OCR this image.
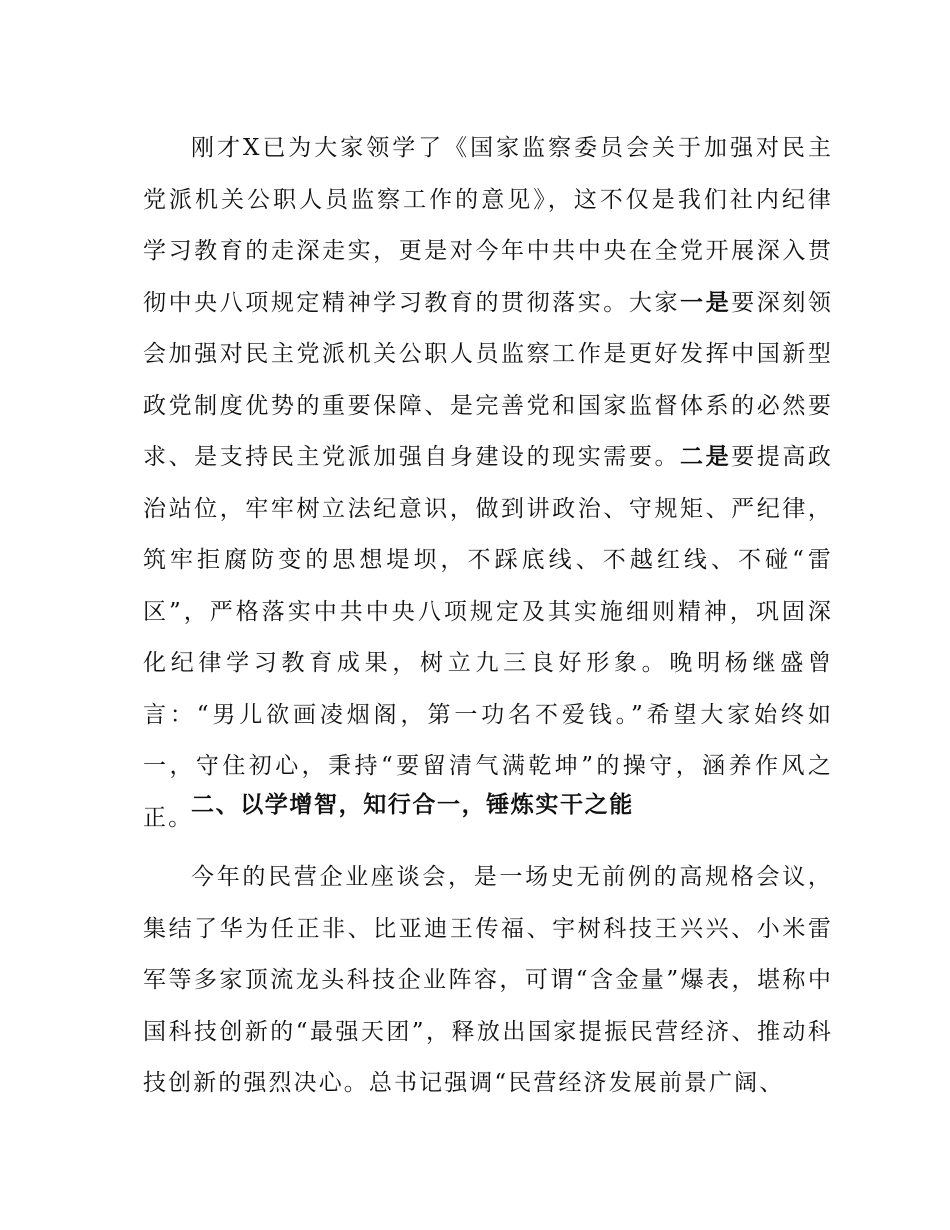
刚才X已为大家领学了《国家监察委员会关于加强对民主党派机关公职人员监察工作的意见》，这不仅是我们社内纪律学习教育的走深走实，更是对今年中共中央在全党开展深入贯彻中央八项规定精神学习教育的贯彻落实。大家一是要深刻领会加强对民主党派机关公职人员监察工作是更好发挥中国新型政党制度优势的重要保障、是完善党和国家监督体系的必然要求、是支持民主党派加强自身建设的现实需要。二是要提高政治站位，牢牢树立法纪意识，做到讲政治、守规矩、严纪律，筑牢拒腐防变的思想堤坝，不踩底线、不越红线、不碰“雷区”，严格落实中共中央八项规定及其实施细则精神，巩固深化纪律学习教育成果，树立九三良好形象。晚明杨继盛曾言：“男儿欲画凌烟阁，第一功名不爱钱。”希望大家始终如一，守住初心，秉持“要留清气满乾坤”的操守，涵养作风之正。

二、以学增智，知行合一，锤炼实干之能

今年的民营企业座谈会，是一场史无前例的高规格会议，集结了华为任正非、比亚迪王传福、宇树科技王兴兴、小米雷军等多家顶流龙头科技企业阵容，可谓“含金量”爆表，堪称中国科技创新的“最强天团”，释放出国家提振民营经济、推动科技创新的强烈决心。总书记强调“民营经济发展前景广阔、
